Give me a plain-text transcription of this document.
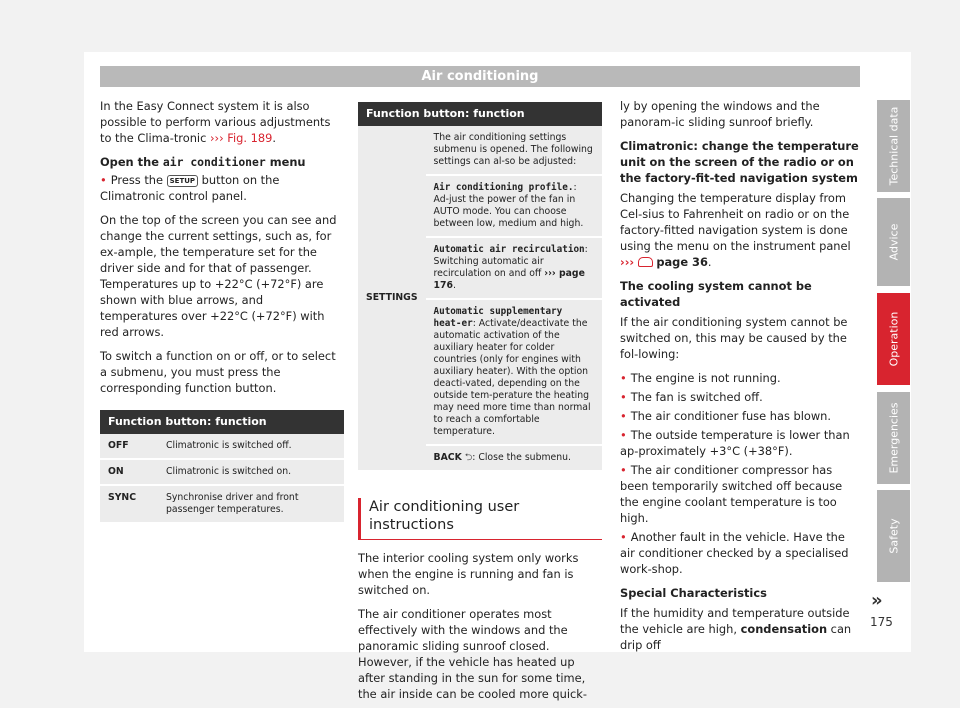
Air conditioning
In the Easy Connect system it is also possible to perform various adjustments to the Clima-tronic ››› Fig. 189.
Open the air conditioner menu
• Press the SETUP button on the Climatronic control panel.
On the top of the screen you can see and change the current settings, such as, for ex-ample, the temperature set for the driver side and for that of passenger. Temperatures up to +22°C (+72°F) are shown with blue arrows, and temperatures over +22°C (+72°F) with red arrows.
To switch a function on or off, or to select a submenu, you must press the corresponding function button.
Function button: function	
OFF	Climatronic is switched off.
ON	Climatronic is switched on.
SYNC	Synchronise driver and front passenger temperatures.
Function button: function
SETTINGS	The air conditioning settings submenu is opened. The following settings can al-so be adjusted:
Air conditioning profile.: Ad-just the power of the fan in AUTO mode. You can choose between low, medium and high.
Automatic air recirculation: Switching automatic air recirculation on and off ››› page 176.
Automatic supplementary heat-er: Activate/deactivate the automatic activation of the auxiliary heater for colder countries (only for engines with auxiliary heater). With the option deacti-vated, depending on the outside tem-perature the heating may need more time than normal to reach a comfortable temperature.
BACK ⮌: Close the submenu.
Air conditioning user instructions
The interior cooling system only works when the engine is running and fan is switched on.
The air conditioner operates most effectively with the windows and the panoramic sliding sunroof closed. However, if the vehicle has heated up after standing in the sun for some time, the air inside can be cooled more quick-
ly by opening the windows and the panoram-ic sliding sunroof briefly.
Climatronic: change the temperature unit on the screen of the radio or on the factory-fit-ted navigation system
Changing the temperature display from Cel-sius to Fahrenheit on radio or on the factory-fitted navigation system is done using the menu on the instrument panel ››› page 36.
The cooling system cannot be activated
If the air conditioning system cannot be switched on, this may be caused by the fol-lowing:
• The engine is not running.
• The fan is switched off.
• The air conditioner fuse has blown.
• The outside temperature is lower than ap-proximately +3°C (+38°F).
• The air conditioner compressor has been temporarily switched off because the engine coolant temperature is too high.
• Another fault in the vehicle. Have the air conditioner checked by a specialised work-shop.
Special Characteristics
If the humidity and temperature outside the vehicle are high, condensation can drip off
Technical data
Advice
Operation
Emergencies
Safety
»
175
